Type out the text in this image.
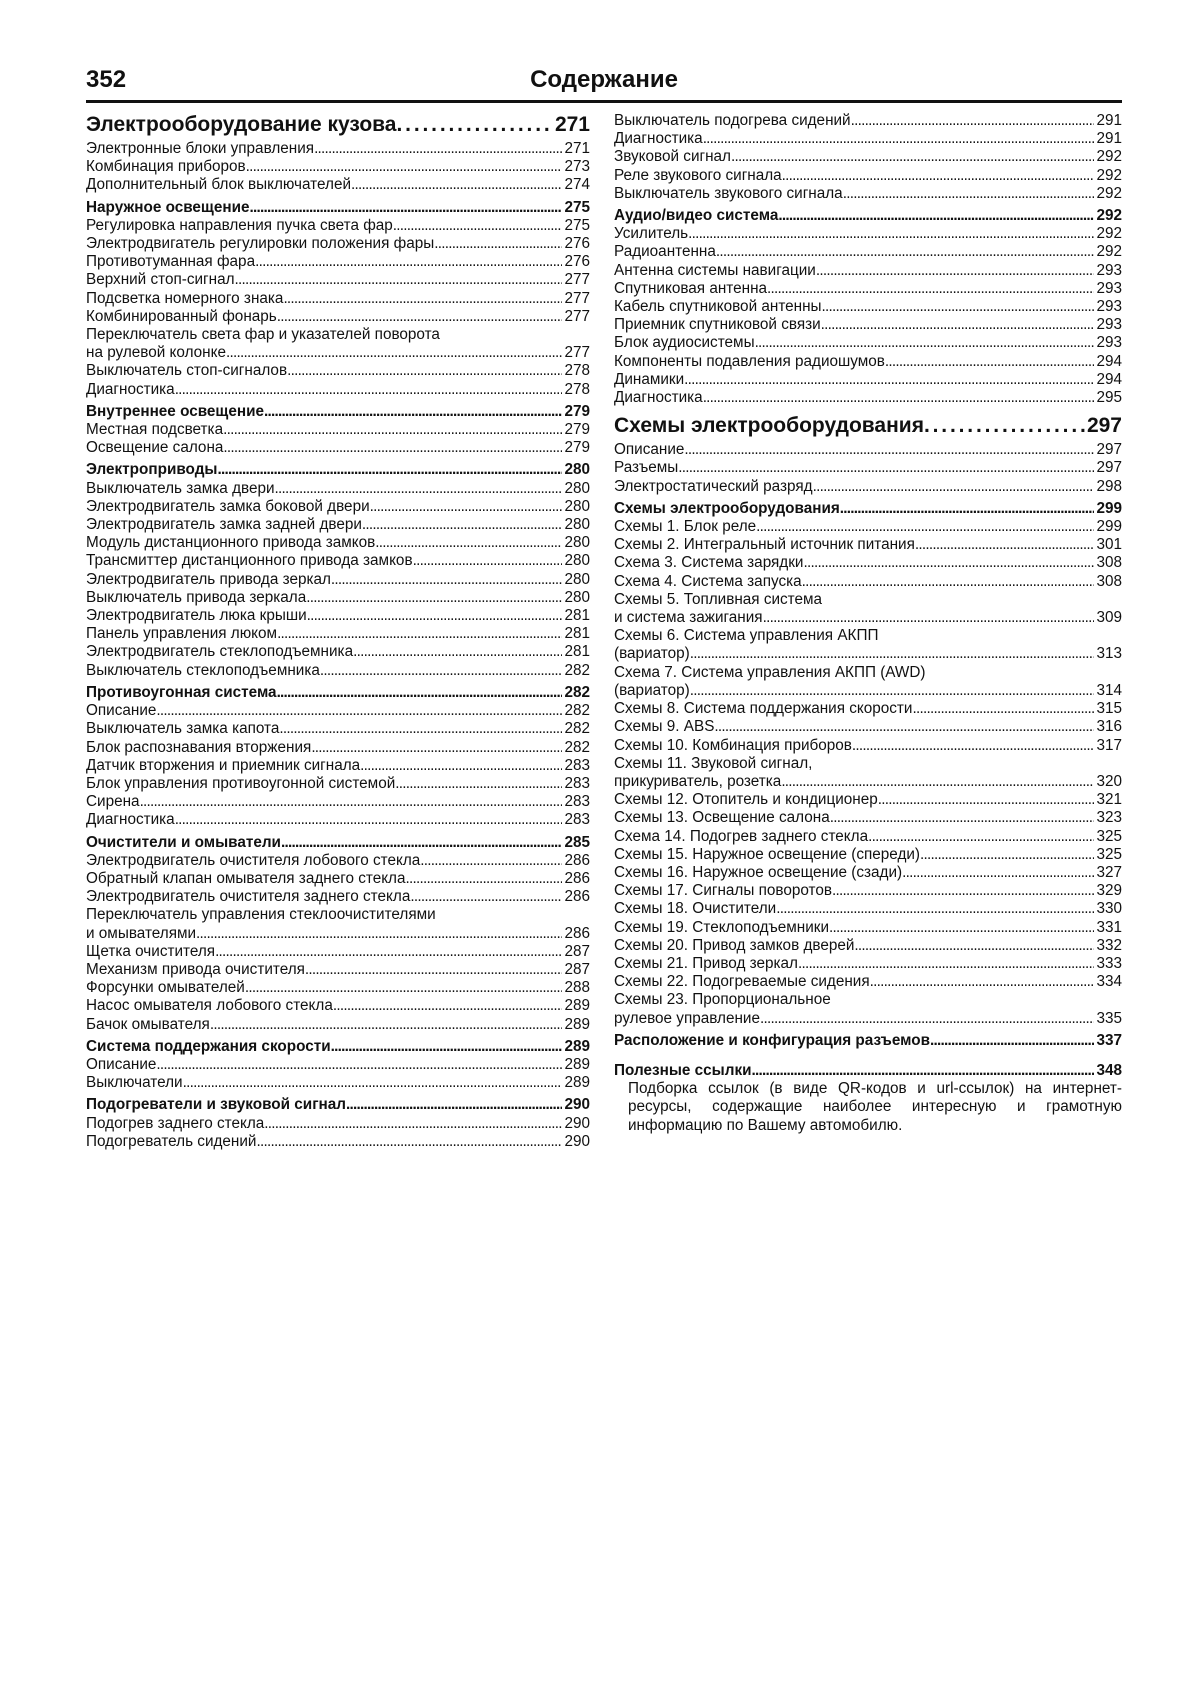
352	Содержание
Электрооборудование кузова . . .	271
Электронные блоки управления . . .	271
Комбинация приборов . . .	273
Дополнительный блок выключателей . . .	274
Наружное освещение . . .	275
Регулировка направления пучка света фар . . .	275
Электродвигатель регулировки положения фары . . .	276
Противотуманная фара . . .	276
Верхний стоп-сигнал . . .	277
Подсветка номерного знака . . .	277
Комбинированный фонарь . . .	277
Переключатель света фар и указателей поворота
на рулевой колонке . . .	277
Выключатель стоп-сигналов . . .	278
Диагностика . . .	278
Внутреннее освещение . . .	279
Местная подсветка . . .	279
Освещение салона . . .	279
Электроприводы . . .	280
Выключатель замка двери . . .	280
Электродвигатель замка боковой двери . . .	280
Электродвигатель замка задней двери . . .	280
Модуль дистанционного привода замков . . .	280
Трансмиттер дистанционного привода замков . . .	280
Электродвигатель привода зеркал . . .	280
Выключатель привода зеркала . . .	280
Электродвигатель люка крыши . . .	281
Панель управления люком . . .	281
Электродвигатель стеклоподъемника . . .	281
Выключатель стеклоподъемника . . .	282
Противоугонная система . . .	282
Описание . . .	282
Выключатель замка капота . . .	282
Блок распознавания вторжения . . .	282
Датчик вторжения и приемник сигнала . . .	283
Блок управления противоугонной системой . . .	283
Сирена . . .	283
Диагностика . . .	283
Очистители и омыватели . . .	285
Электродвигатель очистителя лобового стекла . . .	286
Обратный клапан омывателя заднего стекла . . .	286
Электродвигатель очистителя заднего стекла . . .	286
Переключатель управления стеклоочистителями
и омывателями . . .	286
Щетка очистителя . . .	287
Механизм привода очистителя . . .	287
Форсунки омывателей . . .	288
Насос омывателя лобового стекла . . .	289
Бачок омывателя . . .	289
Система поддержания скорости . . .	289
Описание . . .	289
Выключатели . . .	289
Подогреватели и звуковой сигнал . . .	290
Подогрев заднего стекла . . .	290
Подогреватель сидений . . .	290
Выключатель подогрева сидений . . .	291
Диагностика . . .	291
Звуковой сигнал . . .	292
Реле звукового сигнала . . .	292
Выключатель звукового сигнала . . .	292
Аудио/видео система . . .	292
Усилитель . . .	292
Радиоантенна . . .	292
Антенна системы навигации . . .	293
Спутниковая антенна . . .	293
Кабель спутниковой антенны . . .	293
Приемник спутниковой связи . . .	293
Блок аудиосистемы . . .	293
Компоненты подавления радиошумов . . .	294
Динамики . . .	294
Диагностика . . .	295
Схемы электрооборудования . . .	297
Описание . . .	297
Разъемы . . .	297
Электростатический разряд . . .	298
Схемы электрооборудования . . .	299
Схемы 1. Блок реле . . .	299
Схемы 2. Интегральный источник питания . . .	301
Схема 3. Система зарядки . . .	308
Схема 4. Система запуска . . .	308
Схемы 5. Топливная система
и система зажигания . . .	309
Схемы 6. Система управления АКПП
(вариатор) . . .	313
Схема 7. Система управления АКПП (AWD)
(вариатор) . . .	314
Схемы 8. Система поддержания скорости . . .	315
Схемы 9. ABS . . .	316
Схемы 10. Комбинация приборов . . .	317
Схемы 11. Звуковой сигнал,
прикуриватель, розетка . . .	320
Схемы 12. Отопитель и кондиционер . . .	321
Схемы 13. Освещение салона . . .	323
Схема 14. Подогрев заднего стекла . . .	325
Схемы 15. Наружное освещение (спереди) . . .	325
Схемы 16. Наружное освещение (сзади) . . .	327
Схемы 17. Сигналы поворотов . . .	329
Схемы 18. Очистители . . .	330
Схемы 19. Стеклоподъемники . . .	331
Схемы 20. Привод замков дверей . . .	332
Схемы 21. Привод зеркал . . .	333
Схемы 22. Подогреваемые сидения . . .	334
Схемы 23. Пропорциональное
рулевое управление . . .	335
Расположение и конфигурация разъемов . . .	337
Полезные ссылки . . .	348
Подборка ссылок (в виде QR-кодов и url-ссылок) на интернет-ресурсы, содержащие наиболее интересную и грамотную информацию по Вашему автомобилю.
